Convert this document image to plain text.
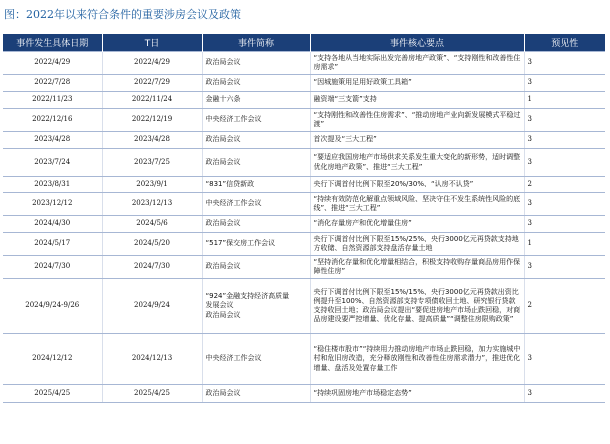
图：2022年以来符合条件的重要涉房会议及政策
事件发生具体日期	T日	事件简称	事件核心要点	预见性
2022/4/29	2022/4/29	政治局会议	“支持各地从当地实际出发完善房地产政策”、“支持刚性和改善性住房需求”	3
2022/7/28	2022/7/29	政治局会议	“因城施策用足用好政策工具箱”	3
2022/11/23	2022/11/24	金融十六条	融资端“三支箭”支持	1
2022/12/16	2022/12/19	中央经济工作会议	“支持刚性和改善性住房需求”、“推动房地产业向新发展模式平稳过渡”	3
2023/4/28	2023/4/28	政治局会议	首次提及“三大工程”	3
2023/7/24	2023/7/25	政治局会议	“要适应我国房地产市场供求关系发生重大变化的新形势，适时调整优化房地产政策”、推进“三大工程”	3
2023/8/31	2023/9/1	“831”信贷新政	央行下调首付比例下限至20%/30%、“认房不认贷”	2
2023/12/12	2023/12/13	中央经济工作会议	“持续有效防范化解重点领域风险、坚决守住不发生系统性风险的底线”、推进“三大工程”	3
2024/4/30	2024/5/6	政治局会议	“消化存量房产和优化增量住房”	3
2024/5/17	2024/5/20	“517”保交房工作会议	央行下调首付比例下限至15%/25%、央行3000亿元再贷款支持地方收储、自然资源部支持盘活存量土地	1
2024/7/30	2024/7/30	政治局会议	“坚持消化存量和优化增量相结合，积极支持收购存量商品房用作保障性住房”	3
2024/9/24-9/26	2024/9/24	“924”金融支持经济高质量
发展会议
政治局会议	央行下调首付比例下限至15%/15%、央行3000亿元再贷款出资比例提升至100%、自然资源部支持专项债收回土地、研究银行贷款支持收回土地；政治局会议提出“要促进房地产市场止跌回稳，对商品房建设要严控增量、优化存量、提高质量”“调整住房限购政策”	2
2024/12/12	2024/12/13	中央经济工作会议	“稳住楼市股市”“持续用力推动房地产市场止跌回稳，加力实施城中村和危旧房改造，充分释放刚性和改善性住房需求潜力”，推进优化增量、盘活及处置存量工作	3
2025/4/25	2025/4/25	政治局会议	“持续巩固房地产市场稳定态势”	3
